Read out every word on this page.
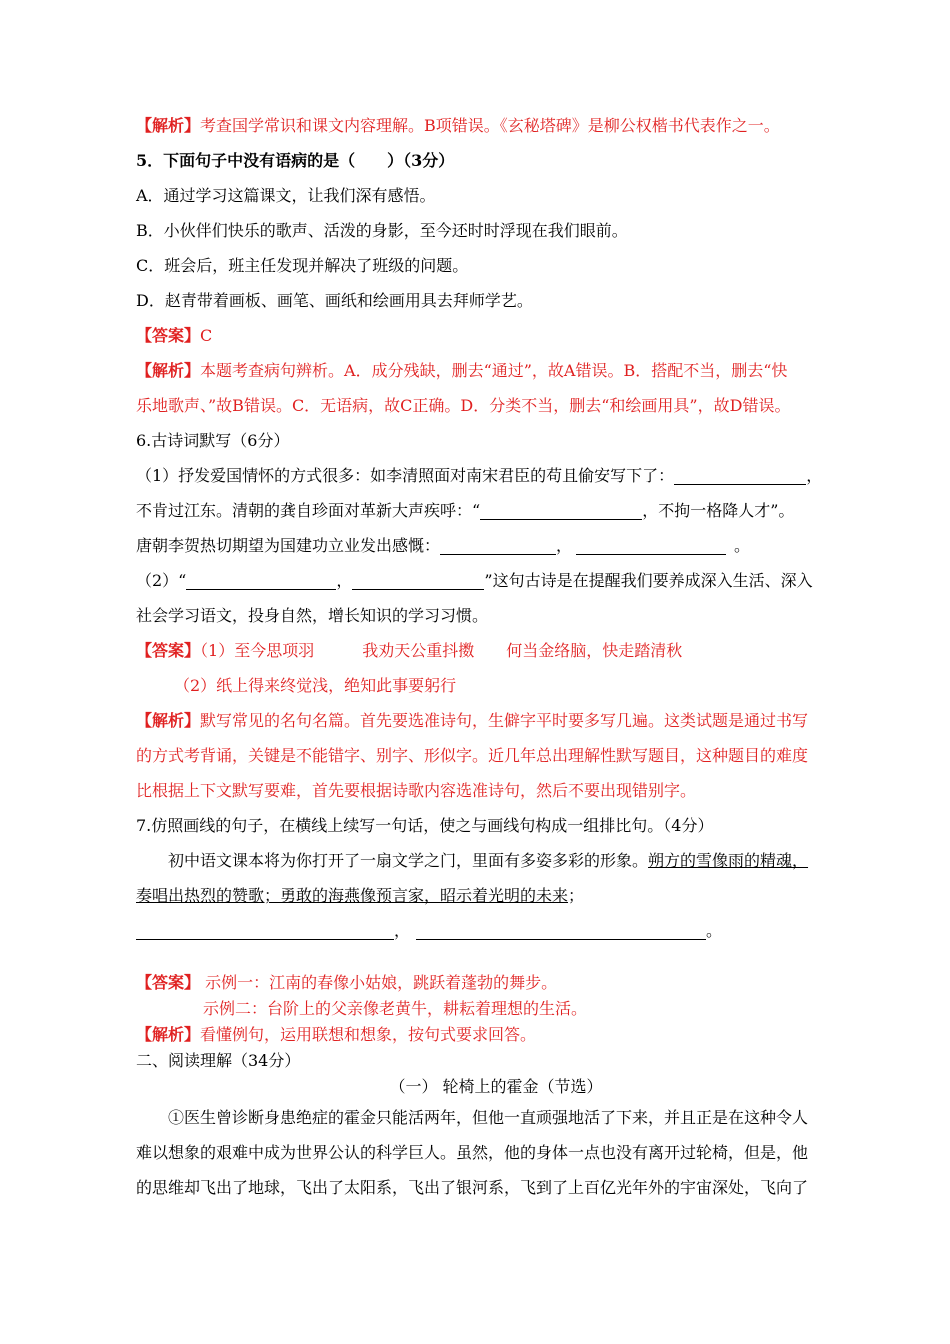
【解析】考查国学常识和课文内容理解。B项错误。《玄秘塔碑》是柳公权楷书代表作之一。
5．下面句子中没有语病的是（　　）（3分）
A．通过学习这篇课文，让我们深有感悟。
B．小伙伴们快乐的歌声、活泼的身影，至今还时时浮现在我们眼前。
C．班会后，班主任发现并解决了班级的问题。
D．赵青带着画板、画笔、画纸和绘画用具去拜师学艺。
【答案】C
【解析】本题考查病句辨析。A．成分残缺，删去“通过”，故A错误。B．搭配不当，删去“快
乐地歌声、”故B错误。C．无语病，故C正确。D．分类不当，删去“和绘画用具”，故D错误。
6.古诗词默写（6分）
（1）抒发爱国情怀的方式很多：如李清照面对南宋君臣的苟且偷安写下了：	，
不肯过江东。清朝的龚自珍面对革新大声疾呼：“	，不拘一格降人才”。
唐朝李贺热切期望为国建功立业发出感慨：	，	。
（2）“	，	”这句古诗是在提醒我们要养成深入生活、深入
社会学习语文，投身自然，增长知识的学习习惯。
【答案】（1）至今思项羽　　　我劝天公重抖擞　　何当金络脑，快走踏清秋
（2）纸上得来终觉浅，绝知此事要躬行
【解析】默写常见的名句名篇。首先要选准诗句，生僻字平时要多写几遍。这类试题是通过书写
的方式考背诵，关键是不能错字、别字、形似字。近几年总出理解性默写题目，这种题目的难度
比根据上下文默写要难，首先要根据诗歌内容选准诗句，然后不要出现错别字。
7.仿照画线的句子，在横线上续写一句话，使之与画线句构成一组排比句。（4分）
初中语文课本将为你打开了一扇文学之门，里面有多姿多彩的形象。朔方的雪像雨的精魂，
奏唱出热烈的赞歌；勇敢的海燕像预言家，昭示着光明的未来；
，	。
【答案】 示例一：江南的春像小姑娘，跳跃着蓬勃的舞步。
示例二：台阶上的父亲像老黄牛，耕耘着理想的生活。
【解析】看懂例句，运用联想和想象，按句式要求回答。
二、阅读理解（34分）
（一） 轮椅上的霍金（节选）
①医生曾诊断身患绝症的霍金只能活两年，但他一直顽强地活了下来，并且正是在这种令人
难以想象的艰难中成为世界公认的科学巨人。虽然，他的身体一点也没有离开过轮椅，但是，他
的思维却飞出了地球，飞出了太阳系，飞出了银河系，飞到了上百亿光年外的宇宙深处，飞向了
